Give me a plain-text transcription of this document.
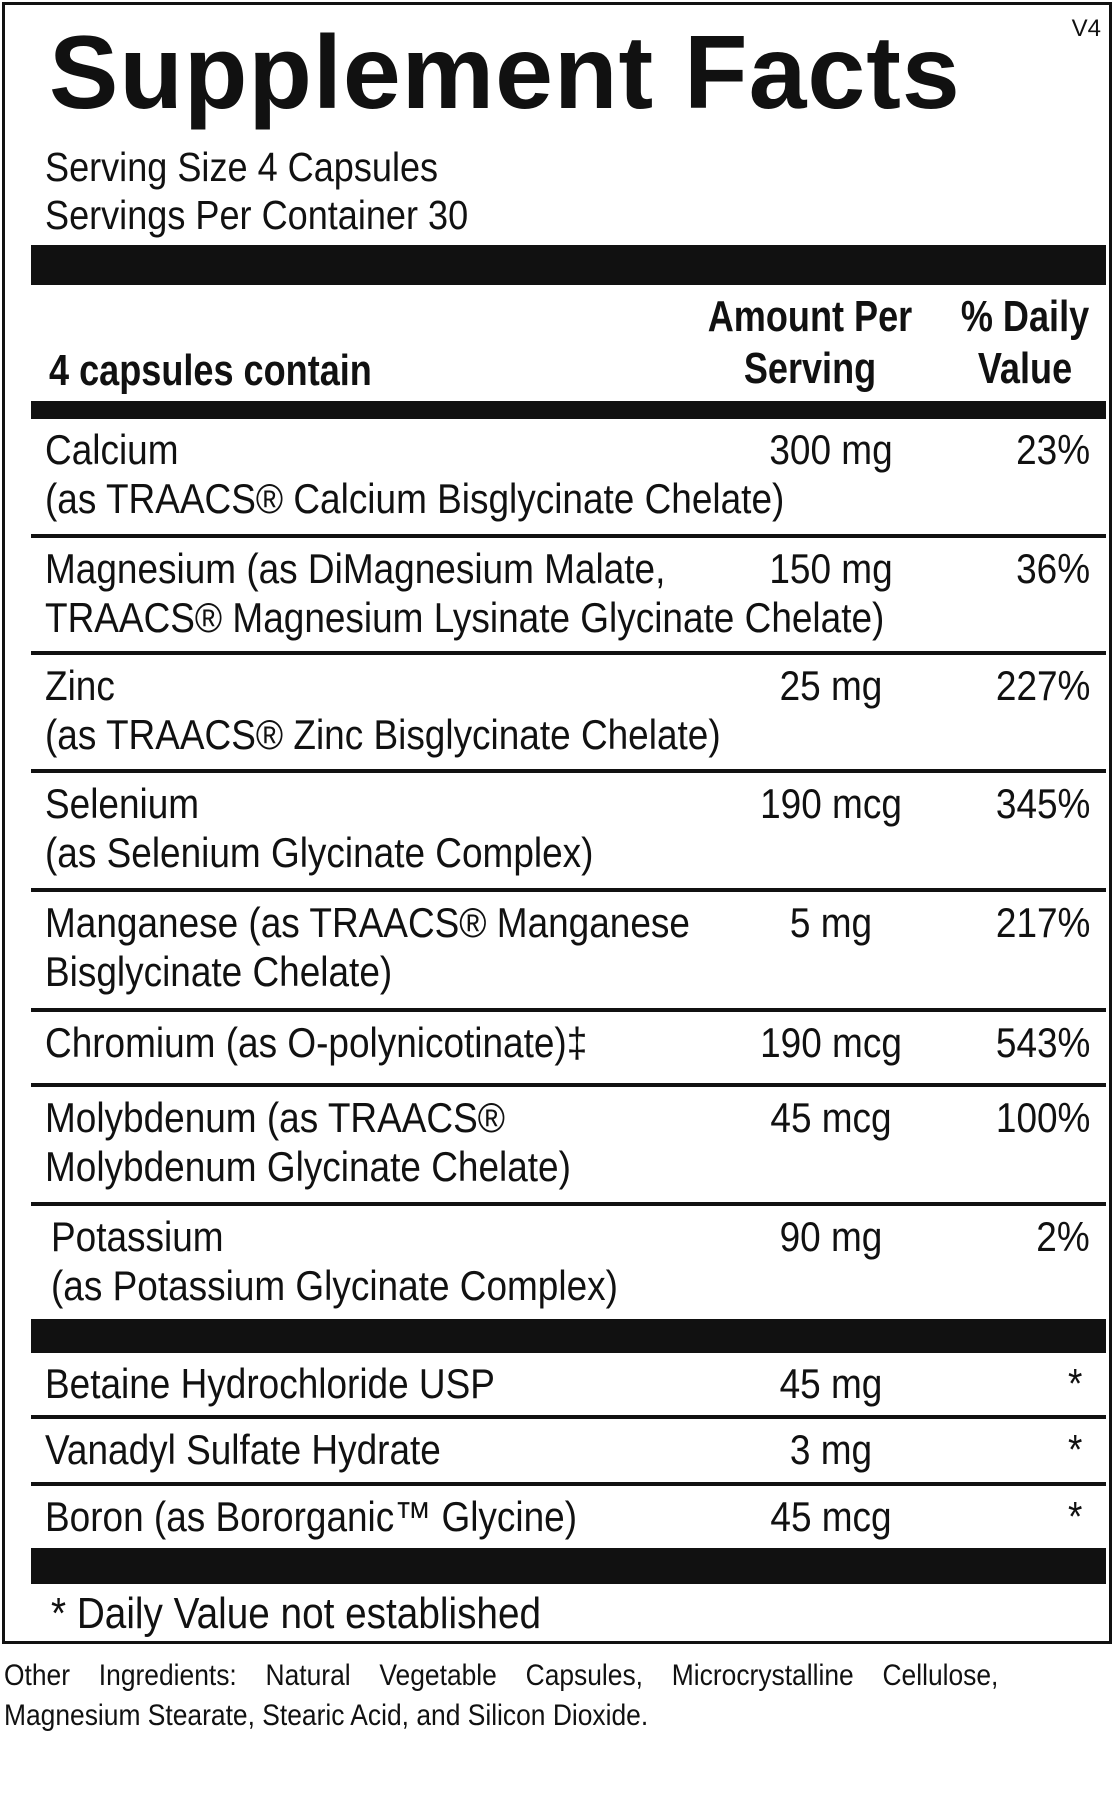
V4
Supplement Facts
Serving Size 4 Capsules
Servings Per Container 30
4 capsules contain
Amount Per Serving
% Daily Value
Calcium
(as TRAACS® Calcium Bisglycinate Chelate)
300 mg	23%
Magnesium (as DiMagnesium Malate,
TRAACS® Magnesium Lysinate Glycinate Chelate)
150 mg	36%
Zinc
(as TRAACS® Zinc Bisglycinate Chelate)
25 mg	227%
Selenium
(as Selenium Glycinate Complex)
190 mcg	345%
Manganese (as TRAACS® Manganese
Bisglycinate Chelate)
5 mg	217%
Chromium (as O-polynicotinate)‡	190 mcg	543%
Molybdenum (as TRAACS®
Molybdenum Glycinate Chelate)
45 mcg	100%
Potassium
(as Potassium Glycinate Complex)
90 mg	2%
Betaine Hydrochloride USP	45 mg	*
Vanadyl Sulfate Hydrate	3 mg	*
Boron (as Bororganic™ Glycine)	45 mcg	*
* Daily Value not established
Other Ingredients: Natural Vegetable Capsules, Microcrystalline Cellulose, Magnesium Stearate, Stearic Acid, and Silicon Dioxide.
